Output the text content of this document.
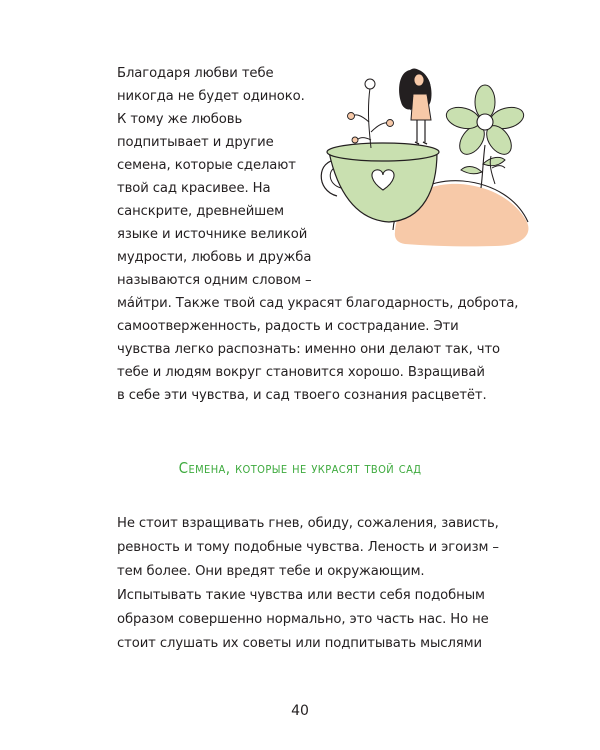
Благодаря любви тебе
никогда не будет одиноко.
К тому же любовь
подпитывает и другие
семена, которые сделают
твой сад красивее. На
санскрите, древнейшем
языке и источнике великой
мудрости, любовь и дружба
называются одним словом –
ма́йтри. Также твой сад украсят благодарность, доброта,
самоотверженность, радость и сострадание. Эти
чувства легко распознать: именно они делают так, что
тебе и людям вокруг становится хорошо. Взращивай
в себе эти чувства, и сад твоего сознания расцветёт.
Семена, которые не украсят твой сад
Не стоит взращивать гнев, обиду, сожаления, зависть,
ревность и тому подобные чувства. Леность и эгоизм –
тем более. Они вредят тебе и окружающим.
Испытывать такие чувства или вести себя подобным
образом совершенно нормально, это часть нас. Но не
стоит слушать их советы или подпитывать мыслями
40
